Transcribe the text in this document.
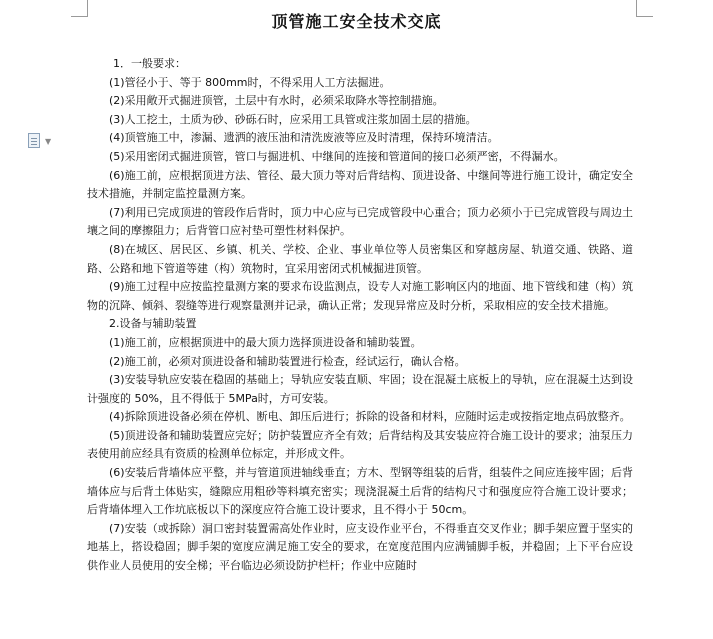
▼
顶管施工安全技术交底

1．一般要求：

(1)管径小于、等于 800mm时，不得采用人工方法掘进。

(2)采用敞开式掘进顶管，土层中有水时，必须采取降水等控制措施。

(3)人工挖土，土质为砂、砂砾石时，应采用工具管或注浆加固土层的措施。

(4)顶管施工中，渗漏、遗洒的液压油和清洗废液等应及时清理，保持环境清洁。

(5)采用密闭式掘进顶管，管口与掘进机、中继间的连接和管道间的接口必须严密，不得漏水。

(6)施工前，应根据顶进方法、管径、最大顶力等对后背结构、顶进设备、中继间等进行施工设计，确定安全技术措施，并制定监控量测方案。

(7)利用已完成顶进的管段作后背时，顶力中心应与已完成管段中心重合；顶力必须小于已完成管段与周边土壤之间的摩擦阻力；后背管口应衬垫可塑性材料保护。

(8)在城区、居民区、乡镇、机关、学校、企业、事业单位等人员密集区和穿越房屋、轨道交通、铁路、道路、公路和地下管道等建（构）筑物时，宜采用密闭式机械掘进顶管。

(9)施工过程中应按监控量测方案的要求布设监测点，设专人对施工影响区内的地面、地下管线和建（构）筑物的沉降、倾斜、裂缝等进行观察量测并记录，确认正常；发现异常应及时分析，采取相应的安全技术措施。

2.设备与辅助装置

(1)施工前，应根据顶进中的最大顶力选择顶进设备和辅助装置。

(2)施工前，必须对顶进设备和辅助装置进行检查，经试运行，确认合格。

(3)安装导轨应安装在稳固的基础上；导轨应安装直顺、牢固；设在混凝土底板上的导轨，应在混凝土达到设计强度的 50%，且不得低于 5MPa时，方可安装。

(4)拆除顶进设备必须在停机、断电、卸压后进行；拆除的设备和材料，应随时运走或按指定地点码放整齐。

(5)顶进设备和辅助装置应完好；防护装置应齐全有效；后背结构及其安装应符合施工设计的要求；油泵压力表使用前应经具有资质的检测单位标定，并形成文件。

(6)安装后背墙体应平整，并与管道顶进轴线垂直；方木、型钢等组装的后背，组装件之间应连接牢固；后背墙体应与后背土体贴实，缝隙应用粗砂等料填充密实；现浇混凝土后背的结构尺寸和强度应符合施工设计要求；后背墙体埋入工作坑底板以下的深度应符合施工设计要求，且不得小于 50cm。

(7)安装（或拆除）洞口密封装置需高处作业时，应支设作业平台，不得垂直交叉作业；脚手架应置于坚实的地基上，搭设稳固；脚手架的宽度应满足施工安全的要求，在宽度范围内应满铺脚手板，并稳固；上下平台应设供作业人员使用的安全梯；平台临边必须设防护栏杆；作业中应随时
